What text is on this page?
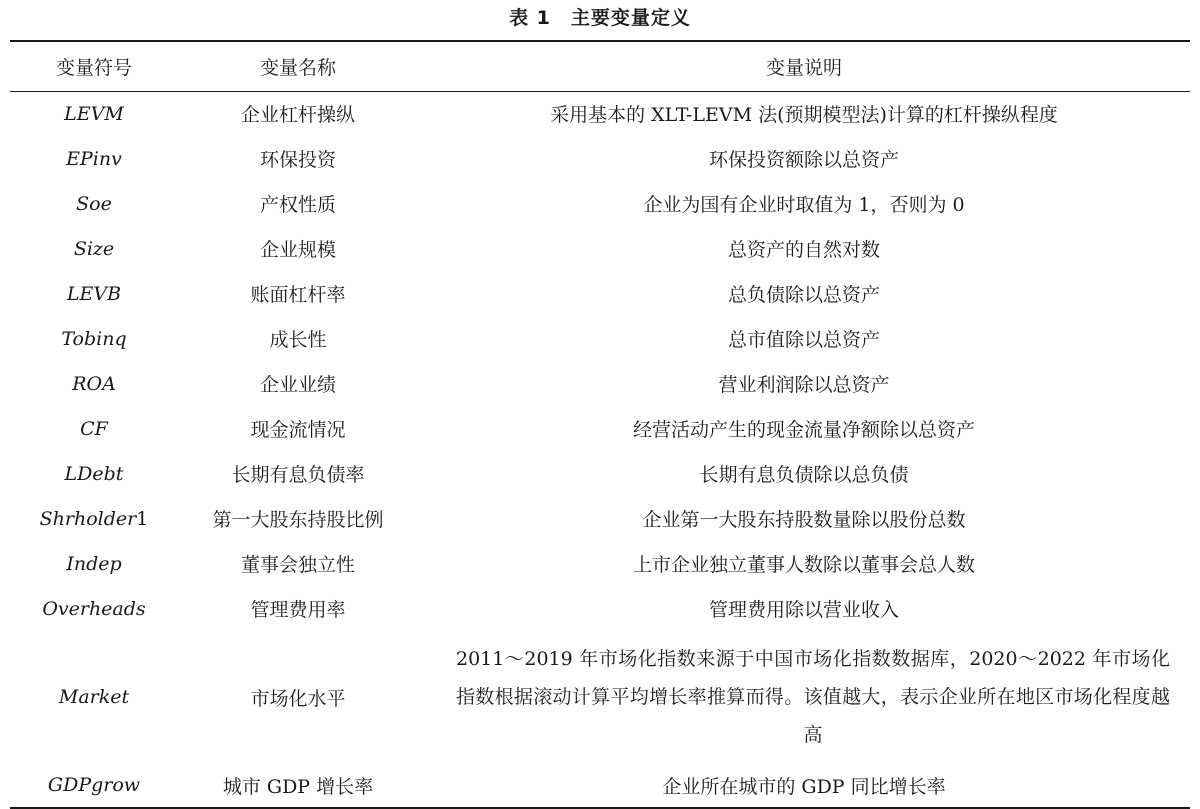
表 1 主要变量定义
变量符号	变量名称	变量说明
LEVM	企业杠杆操纵	采用基本的 XLT-LEVM 法(预期模型法)计算的杠杆操纵程度
EPinv	环保投资	环保投资额除以总资产
Soe	产权性质	企业为国有企业时取值为 1，否则为 0
Size	企业规模	总资产的自然对数
LEVB	账面杠杆率	总负债除以总资产
Tobinq	成长性	总市值除以总资产
ROA	企业业绩	营业利润除以总资产
CF	现金流情况	经营活动产生的现金流量净额除以总资产
LDebt	长期有息负债率	长期有息负债除以总负债
Shrholder1	第一大股东持股比例	企业第一大股东持股数量除以股份总数
Indep	董事会独立性	上市企业独立董事人数除以董事会总人数
Overheads	管理费用率	管理费用除以营业收入
Market	市场化水平	2011～2019 年市场化指数来源于中国市场化指数数据库，2020～2022 年市场化指数根据滚动计算平均增长率推算而得。该值越大，表示企业所在地区市场化程度越高
GDPgrow	城市 GDP 增长率	企业所在城市的 GDP 同比增长率
